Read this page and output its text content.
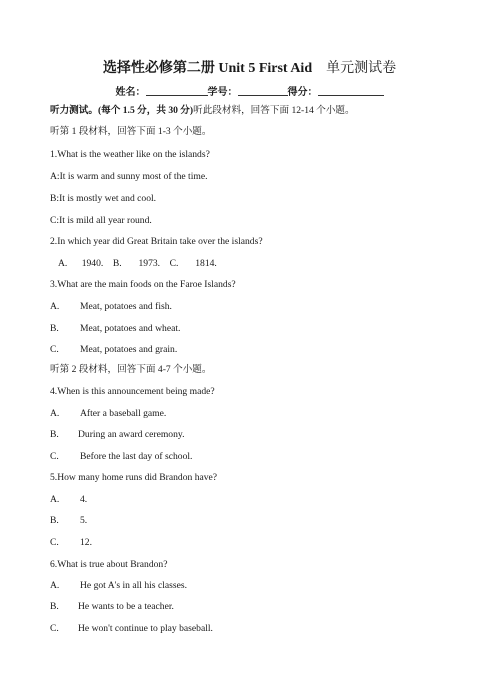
选择性必修第二册 Unit 5 First Aid 单元测试卷
姓名：	学号：	得分：
听力测试。(每个 1.5 分，共 30 分)听此段材料，回答下面 12-14 个小题。
听第 1 段材料，回答下面 1-3 个小题。
1.What is the weather like on the islands?
A:It is warm and sunny most of the time.
B:It is mostly wet and cool.
C:It is mild all year round.
2.In which year did Great Britain take over the islands?
A.      1940.    B.       1973.    C.       1814.
3.What are the main foods on the Faroe Islands?
A. Meat, potatoes and fish.
B. Meat, potatoes and wheat.
C. Meat, potatoes and grain.
听第 2 段材料，回答下面 4-7 个小题。
4.When is this announcement being made?
A. After a baseball game.
B. During an award ceremony.
C. Before the last day of school.
5.How many home runs did Brandon have?
A. 4.
B. 5.
C. 12.
6.What is true about Brandon?
A. He got A's in all his classes.
B. He wants to be a teacher.
C. He won't continue to play baseball.
